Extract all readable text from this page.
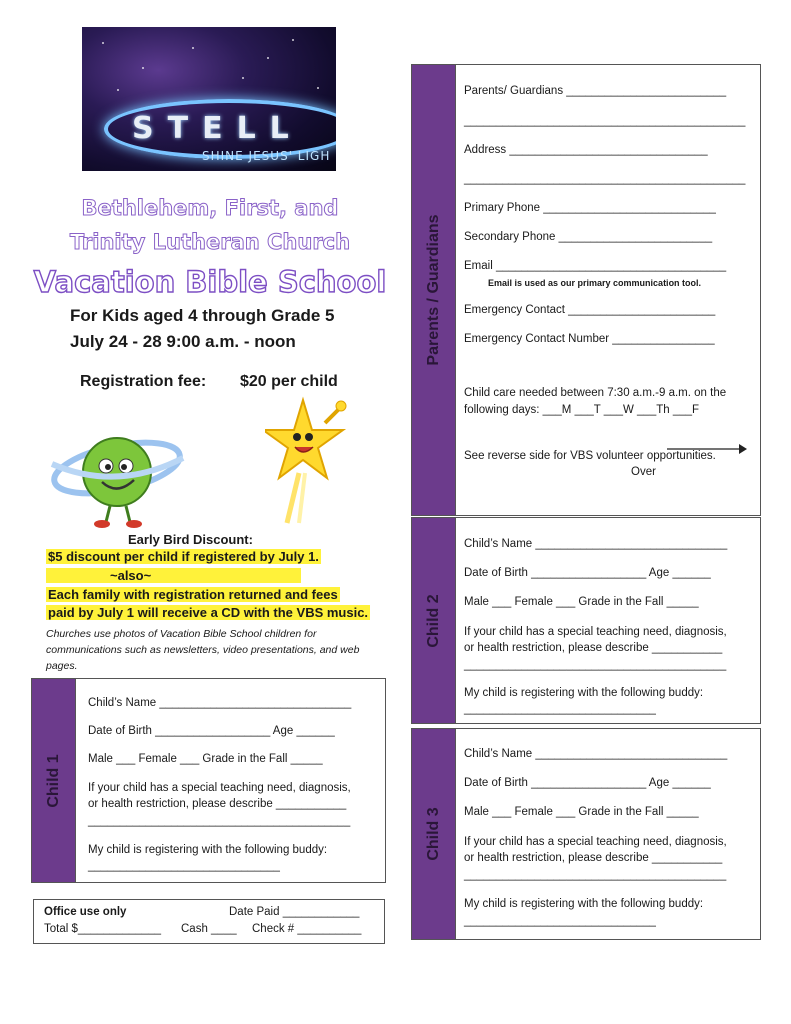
STELL
SHINE JESUS' LIGH
Bethlehem, First, and
Trinity Lutheran Church
Vacation Bible School
For Kids aged 4 through Grade 5
July 24 - 28 9:00 a.m. - noon
Registration fee: $20 per child
Early Bird Discount:
$5 discount per child if registered by July 1.
~also~
Each family with registration returned and fees
paid by July 1 will receive a CD with the VBS music.
Churches use photos of Vacation Bible School children for communications such as newsletters, video presentations, and web pages.
Child 1
Child’s Name ______________________________
Date of Birth __________________ Age ______
Male ___ Female ___ Grade in the Fall _____
If your child has a special teaching need, diagnosis,
or health restriction, please describe ___________
_________________________________________
My child is registering with the following buddy:
______________________________
Office use only	Date Paid ____________
Total $_____________ Cash ____ Check # __________
Parents / Guardians
Parents/ Guardians _________________________
____________________________________________
Address _______________________________
____________________________________________
Primary Phone ___________________________
Secondary Phone ________________________
Email ____________________________________
Email is used as our primary communication tool.
Emergency Contact _______________________
Emergency Contact Number ________________
Child care needed between 7:30 a.m.-9 a.m. on the
following days: ___M ___T ___W ___Th ___F
See reverse side for VBS volunteer opportunities.
Over
Child 2
Child’s Name ______________________________
Date of Birth __________________ Age ______
Male ___ Female ___ Grade in the Fall _____
If your child has a special teaching need, diagnosis,
or health restriction, please describe ___________
_________________________________________
My child is registering with the following buddy:
______________________________
Child 3
Child’s Name ______________________________
Date of Birth __________________ Age ______
Male ___ Female ___ Grade in the Fall _____
If your child has a special teaching need, diagnosis,
or health restriction, please describe ___________
_________________________________________
My child is registering with the following buddy:
______________________________
